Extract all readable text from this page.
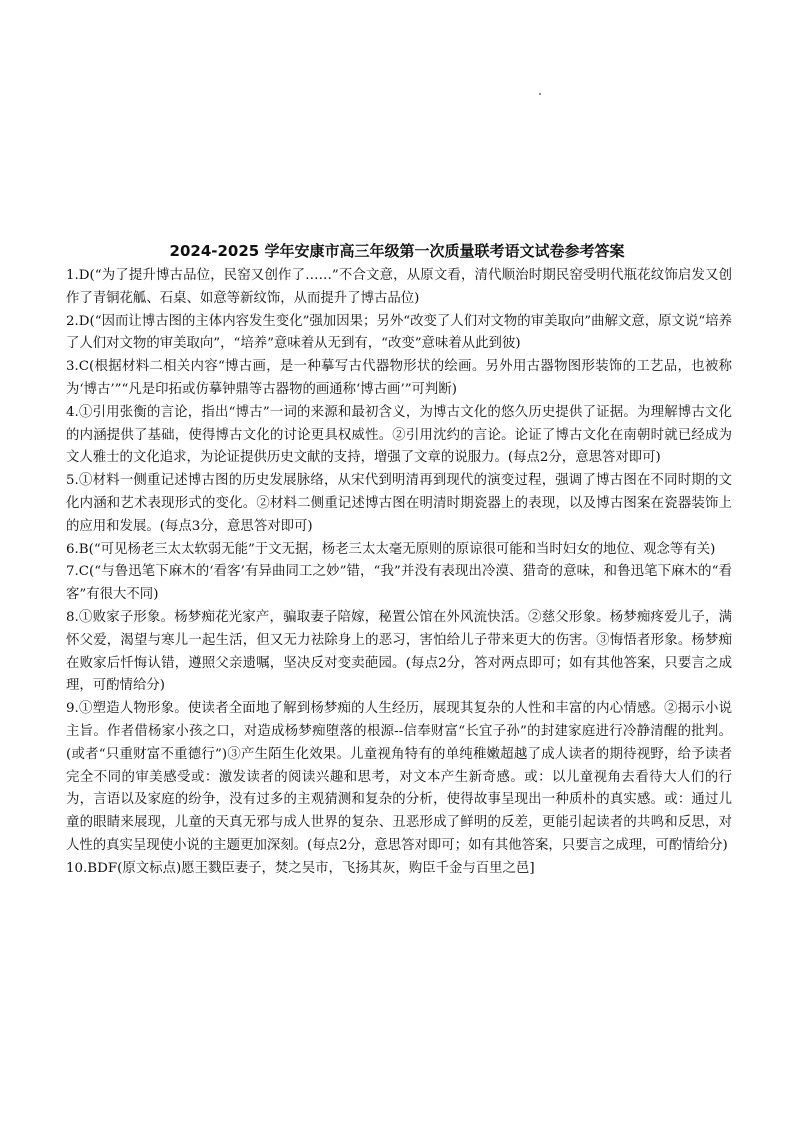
2024-2025 学年安康市高三年级第一次质量联考语文试卷参考答案

1.D(“为了提升博古品位，民窑又创作了……”不合文意，从原文看，清代顺治时期民窑受明代瓶花纹饰启发又创作了青铜花觚、石桌、如意等新纹饰，从而提升了博古品位)

2.D(“因而让博古图的主体内容发生变化”强加因果；另外“改变了人们对文物的审美取向”曲解文意，原文说“培养了人们对文物的审美取向”，“培养”意味着从无到有，“改变”意味着从此到彼)

3.C(根据材料二相关内容“博古画，是一种摹写古代器物形状的绘画。另外用古器物图形装饰的工艺品，也被称为‘博古’”“凡是印拓或仿摹钟鼎等古器物的画通称‘博古画’”可判断)

4.①引用张衡的言论，指出“博古”一词的来源和最初含义，为博古文化的悠久历史提供了证据。为理解博古文化的内涵提供了基础，使得博古文化的讨论更具权威性。②引用沈约的言论。论证了博古文化在南朝时就已经成为文人雅士的文化追求，为论证提供历史文献的支持，增强了文章的说服力。(每点2分，意思答对即可)

5.①材料一侧重记述博古图的历史发展脉络，从宋代到明清再到现代的演变过程，强调了博古图在不同时期的文化内涵和艺术表现形式的变化。②材料二侧重记述博古图在明清时期瓷器上的表现，以及博古图案在瓷器装饰上的应用和发展。(每点3分，意思答对即可)

6.B(“可见杨老三太太软弱无能”于文无据，杨老三太太毫无原则的原谅很可能和当时妇女的地位、观念等有关)

7.C(“与鲁迅笔下麻木的‘看客’有异曲同工之妙”错，“我”并没有表现出冷漠、猎奇的意味，和鲁迅笔下麻木的“看客”有很大不同)

8.①败家子形象。杨梦痴花光家产，骗取妻子陪嫁，秘置公馆在外风流快活。②慈父形象。杨梦痴疼爱儿子，满怀父爱，渴望与寒儿一起生活，但又无力祛除身上的恶习，害怕给儿子带来更大的伤害。③悔悟者形象。杨梦痴在败家后忏悔认错，遵照父亲遗嘱，坚决反对变卖葩园。(每点2分，答对两点即可；如有其他答案，只要言之成理，可酌情给分)

9.①塑造人物形象。使读者全面地了解到杨梦痴的人生经历，展现其复杂的人性和丰富的内心情感。②揭示小说主旨。作者借杨家小孩之口，对造成杨梦痴堕落的根源--信奉财富“长宜子孙”的封建家庭进行冷静清醒的批判。(或者“只重财富不重德行”)③产生陌生化效果。儿童视角特有的单纯稚嫩超越了成人读者的期待视野，给予读者完全不同的审美感受或：激发读者的阅读兴趣和思考，对文本产生新奇感。或：以儿童视角去看待大人们的行为，言语以及家庭的纷争，没有过多的主观猜测和复杂的分析，使得故事呈现出一种质朴的真实感。或：通过儿童的眼睛来展现，儿童的天真无邪与成人世界的复杂、丑恶形成了鲜明的反差，更能引起读者的共鸣和反思，对人性的真实呈现使小说的主题更加深刻。(每点2分，意思答对即可；如有其他答案，只要言之成理，可酌情给分)

10.BDF(原文标点)愿王戮臣妻子，焚之吴市，飞扬其灰，购臣千金与百里之邑]
